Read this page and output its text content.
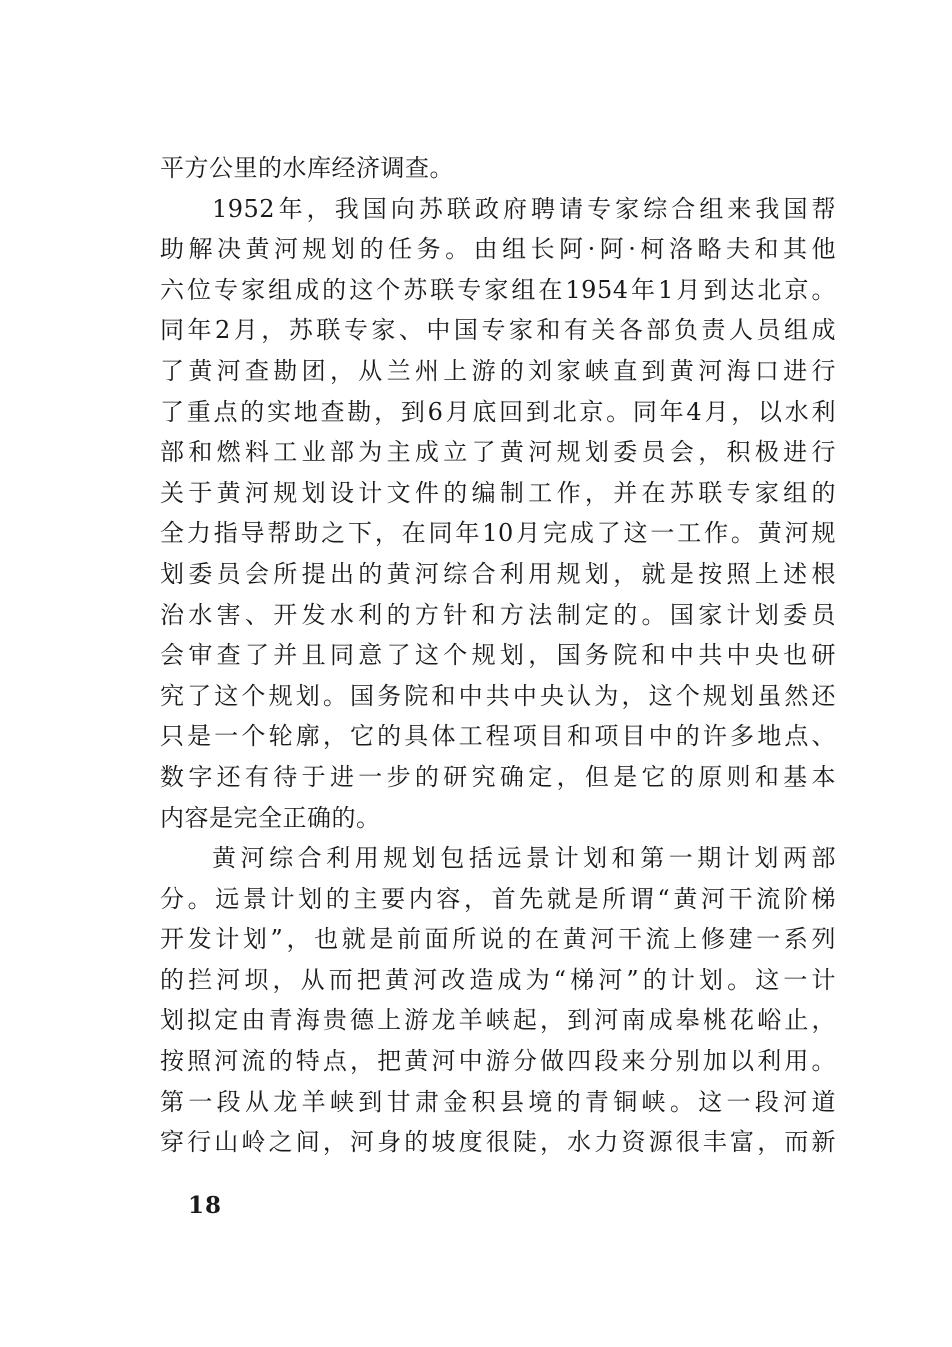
平方公里的水库经济调查。
1952年，我国向苏联政府聘请专家综合组来我国帮
助解决黄河规划的任务。由组长阿·阿·柯洛略夫和其他
六位专家组成的这个苏联专家组在1954年1月到达北京。
同年2月，苏联专家、中国专家和有关各部负责人员组成
了黄河查勘团，从兰州上游的刘家峡直到黄河海口进行
了重点的实地查勘，到6月底回到北京。同年4月，以水利
部和燃料工业部为主成立了黄河规划委员会，积极进行
关于黄河规划设计文件的编制工作，并在苏联专家组的
全力指导帮助之下，在同年10月完成了这一工作。黄河规
划委员会所提出的黄河综合利用规划，就是按照上述根
治水害、开发水利的方针和方法制定的。国家计划委员
会审查了并且同意了这个规划，国务院和中共中央也研
究了这个规划。国务院和中共中央认为，这个规划虽然还
只是一个轮廓，它的具体工程项目和项目中的许多地点、
数字还有待于进一步的研究确定，但是它的原则和基本
内容是完全正确的。
黄河综合利用规划包括远景计划和第一期计划两部
分。远景计划的主要内容，首先就是所谓“黄河干流阶梯
开发计划”，也就是前面所说的在黄河干流上修建一系列
的拦河坝，从而把黄河改造成为“梯河”的计划。这一计
划拟定由青海贵德上游龙羊峡起，到河南成皋桃花峪止，
按照河流的特点，把黄河中游分做四段来分别加以利用。
第一段从龙羊峡到甘肃金积县境的青铜峡。这一段河道
穿行山岭之间，河身的坡度很陡，水力资源很丰富，而新
18
